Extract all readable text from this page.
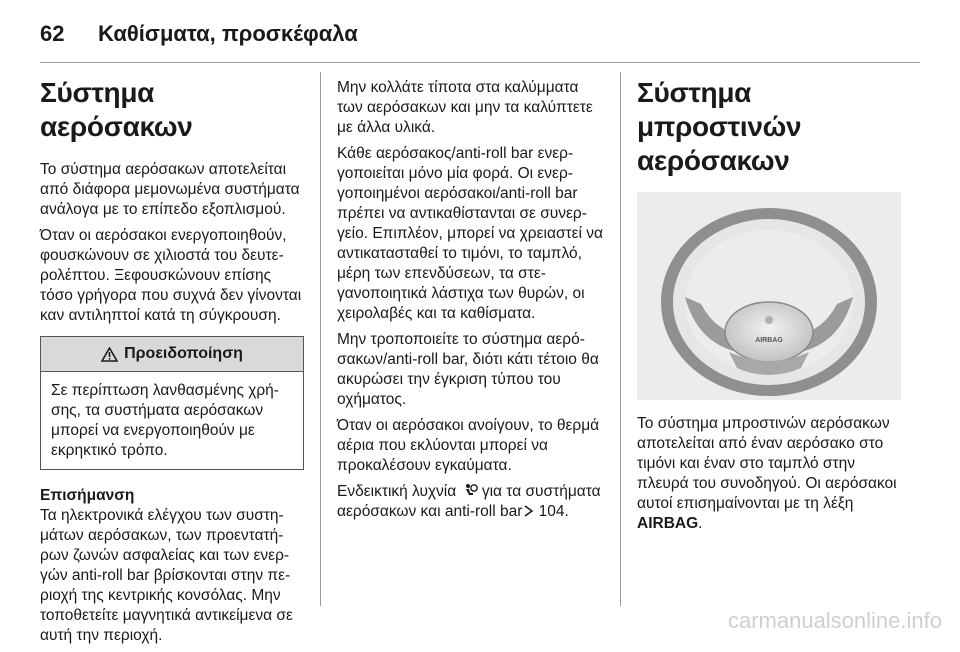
62	Καθίσματα, προσκέφαλα
Σύστημα αερόσακων

Το σύστημα αερόσακων αποτελείται από διάφορα μεμονωμένα συστήματα ανάλογα με το επίπεδο εξοπλισμού.

Όταν οι αερόσακοι ενεργοποιηθούν, φουσκώνουν σε χιλιοστά του δευτερολέπτου. Ξεφουσκώνουν επίσης τόσο γρήγορα που συχνά δεν γίνονται καν αντιληπτοί κατά τη σύγκρουση.

Προειδοποίηση

Σε περίπτωση λανθασμένης χρήσης, τα συστήματα αερόσακων μπορεί να ενεργοποιηθούν με εκρηκτικό τρόπο.

Επισήμανση

Τα ηλεκτρονικά ελέγχου των συστημάτων αερόσακων, των προεντατήρων ζωνών ασφαλείας και των ενεργών anti-roll bar βρίσκονται στην περιοχή της κεντρικής κονσόλας. Μην τοποθετείτε μαγνητικά αντικείμενα σε αυτή την περιοχή.

Μην κολλάτε τίποτα στα καλύμματα των αερόσακων και μην τα καλύπτετε με άλλα υλικά.

Κάθε αερόσακος/anti-roll bar ενεργοποιείται μόνο μία φορά. Οι ενεργοποιημένοι αερόσακοι/anti-roll bar πρέπει να αντικαθίστανται σε συνεργείο. Επιπλέον, μπορεί να χρειαστεί να αντικατασταθεί το τιμόνι, το ταμπλό, μέρη των επενδύσεων, τα στεγανοποιητικά λάστιχα των θυρών, οι χειρολαβές και τα καθίσματα.

Μην τροποποιείτε το σύστημα αερόσακων/anti-roll bar, διότι κάτι τέτοιο θα ακυρώσει την έγκριση τύπου του οχήματος.

Όταν οι αερόσακοι ανοίγουν, το θερμά αέρια που εκλύονται μπορεί να προκαλέσουν εγκαύματα.

Ενδεικτική λυχνία  για τα συστήματα αερόσακων και anti-roll bar 104.

Σύστημα μπροστινών αερόσακων
AIRBAG

Το σύστημα μπροστινών αερόσακων αποτελείται από έναν αερόσακο στο τιμόνι και έναν στο ταμπλό στην πλευρά του συνοδηγού. Οι αερόσακοι αυτοί επισημαίνονται με τη λέξη AIRBAG.

carmanualsonline.info
